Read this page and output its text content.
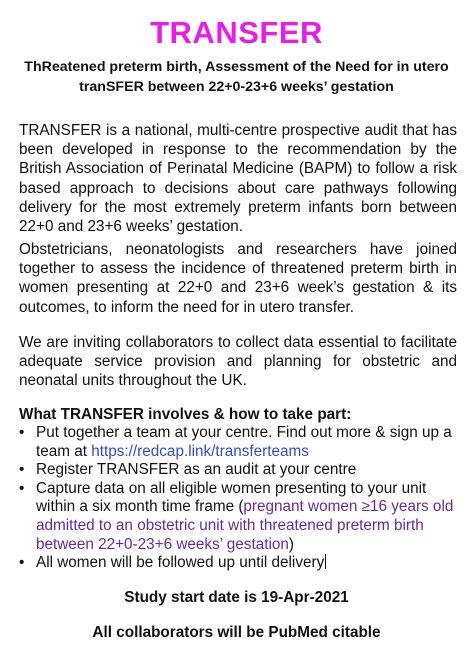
TRANSFER
ThReatened preterm birth, Assessment of the Need for in utero tranSFER between 22+0-23+6 weeks’ gestation

TRANSFER is a national, multi-centre prospective audit that has been developed in response to the recommendation by the British Association of Perinatal Medicine (BAPM) to follow a risk based approach to decisions about care pathways following delivery for the most extremely preterm infants born between 22+0 and 23+6 weeks’ gestation.

Obstetricians, neonatologists and researchers have joined together to assess the incidence of threatened preterm birth in women presenting at 22+0 and 23+6 week’s gestation & its outcomes, to inform the need for in utero transfer.

We are inviting collaborators to collect data essential to facilitate adequate service provision and planning for obstetric and neonatal units throughout the UK.

What TRANSFER involves & how to take part:
• Put together a team at your centre. Find out more & sign up a team at https://redcap.link/transferteams
• Register TRANSFER as an audit at your centre
• Capture data on all eligible women presenting to your unit within a six month time frame (pregnant women ≥16 years old admitted to an obstetric unit with threatened preterm birth between 22+0-23+6 weeks’ gestation)
• All women will be followed up until delivery
Study start date is 19-Apr-2021
All collaborators will be PubMed citable
